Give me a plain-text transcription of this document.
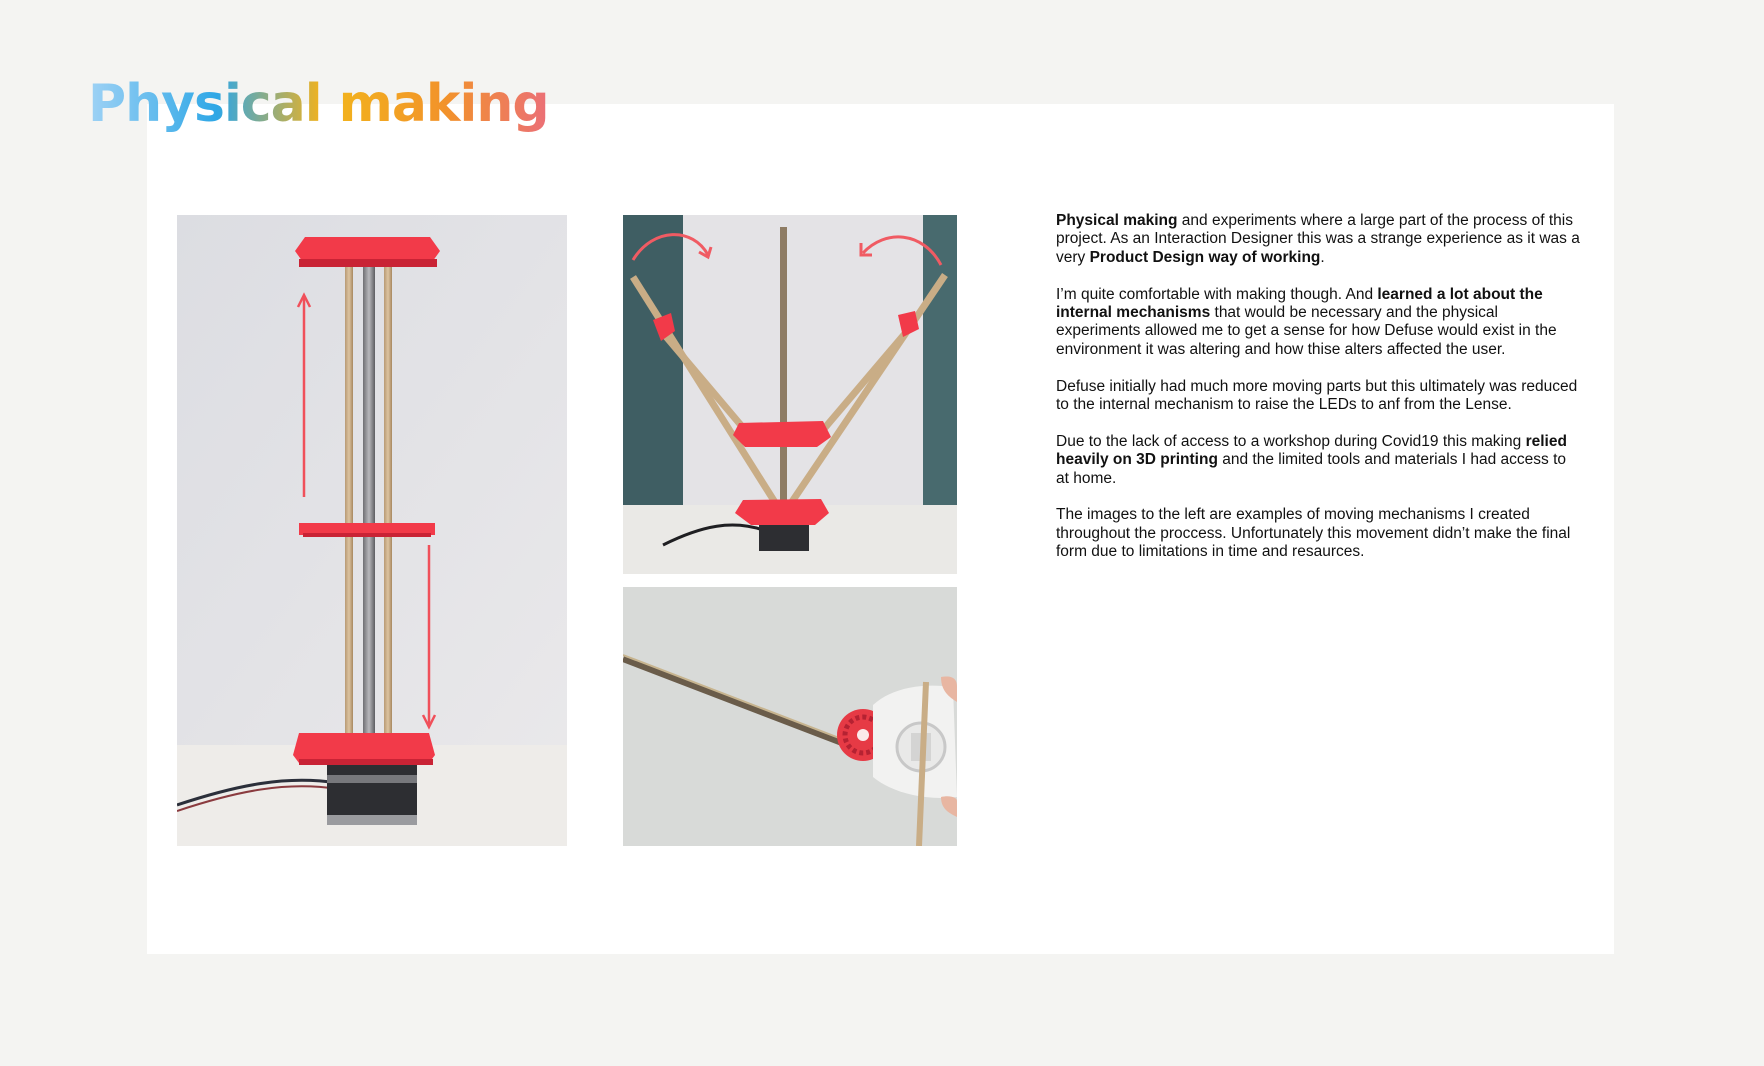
Physical making

Physical making and experiments where a large part of the process of this project. As an Interaction Designer this was a strange experience as it was a very Product Design way of working.

I’m quite comfortable with making though. And learned a lot about the internal mechanisms that would be necessary and the physical experiments allowed me to get a sense for how Defuse would exist in the environment it was altering and how thise alters affected the user.

Defuse initially had much more moving parts but this ultimately was reduced to the internal mechanism to raise the LEDs to anf from the Lense.

Due to the lack of access to a workshop during Covid19 this making relied heavily on 3D printing and the limited tools and materials I had access to at home.

The images to the left are examples of moving mechanisms I created throughout the proccess. Unfortunately this movement didn’t make the final form due to limitations in time and resaurces.
